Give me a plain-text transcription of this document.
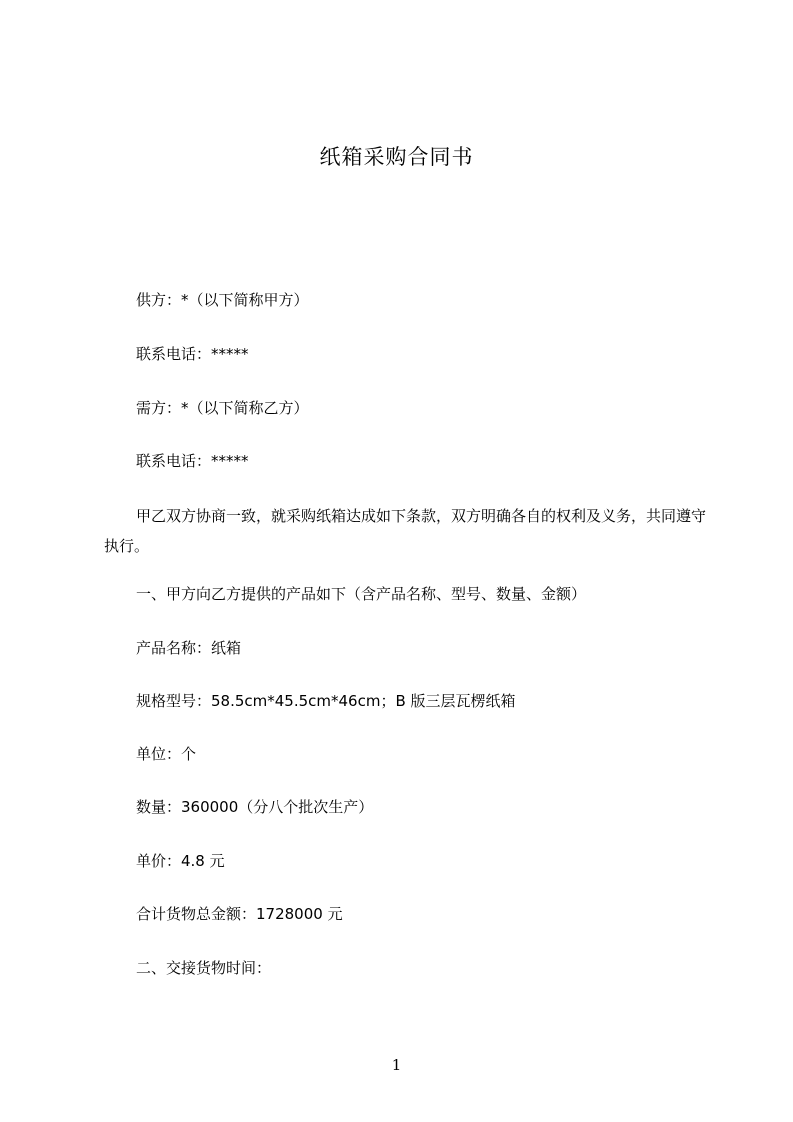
纸箱采购合同书
供方：*（以下简称甲方）
联系电话：*****
需方：*（以下简称乙方）
联系电话：*****
甲乙双方协商一致，就采购纸箱达成如下条款，双方明确各自的权利及义务，共同遵守执行。
一、甲方向乙方提供的产品如下（含产品名称、型号、数量、金额）
产品名称：纸箱
规格型号：58.5cm*45.5cm*46cm；B 版三层瓦楞纸箱
单位：个
数量：360000（分八个批次生产）
单价：4.8 元
合计货物总金额：1728000 元
二、交接货物时间：
1
